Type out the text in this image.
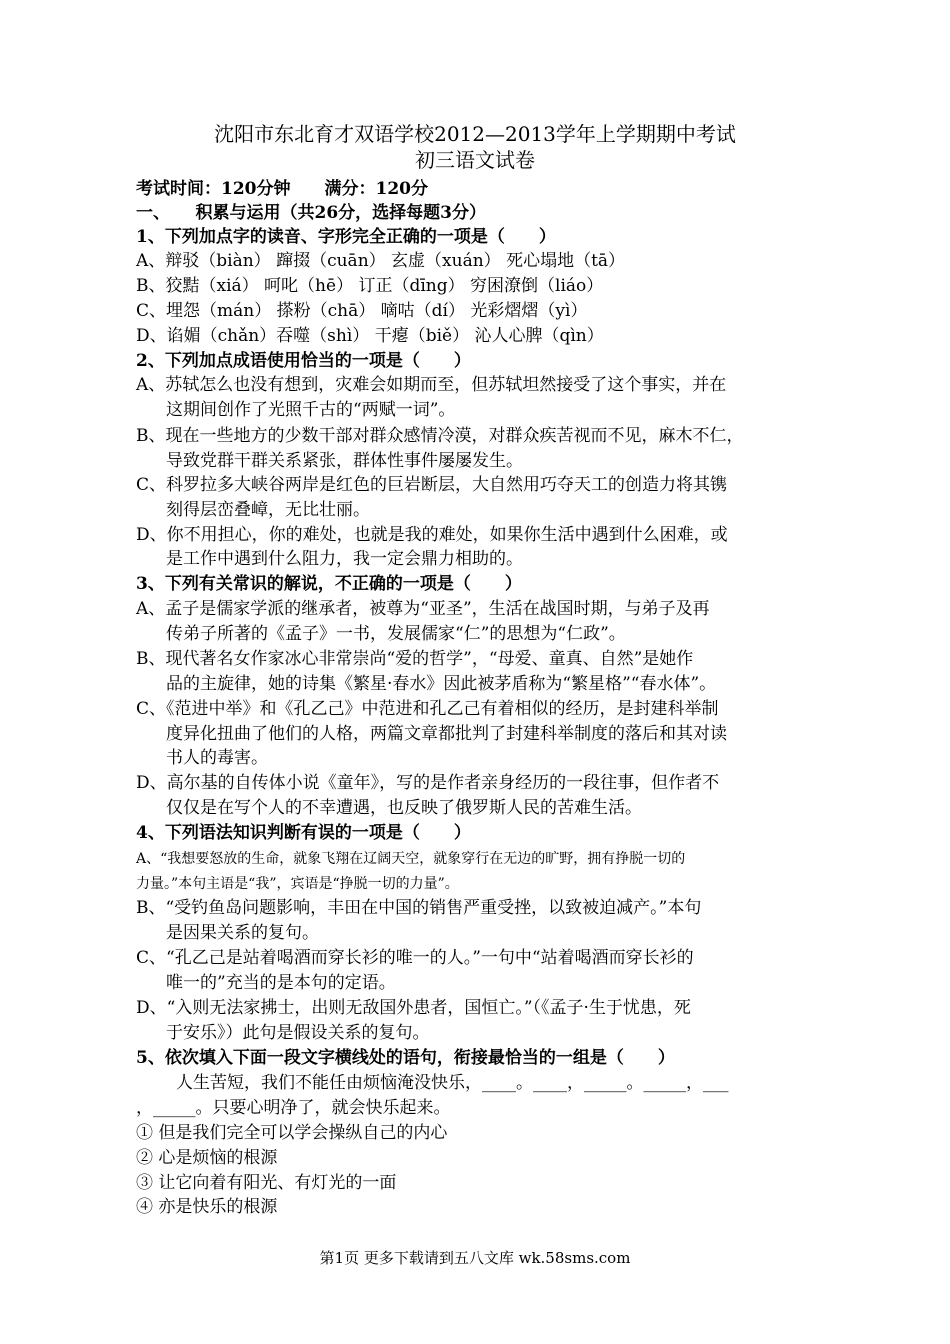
沈阳市东北育才双语学校2012—2013学年上学期期中考试
初三语文试卷
考试时间：120分钟　　满分：120分
一、　　积累与运用（共26分，选择每题3分）
1、下列加点字的读音、字形完全正确的一项是（　　）
A、辩驳（biàn） 蹿掇（cuān） 玄虚（xuán） 死心塌地（tā）
B、狡黠（xiá） 呵叱（hē） 订正（dīng） 穷困潦倒（liáo）
C、埋怨（mán） 搽粉（chā） 嘀咕（dí） 光彩熠熠（yì）
D、谄媚（chǎn）吞噬（shì） 干瘪（biě） 沁人心脾（qìn）
2、下列加点成语使用恰当的一项是（　　）
A、苏轼怎么也没有想到，灾难会如期而至，但苏轼坦然接受了这个事实，并在
这期间创作了光照千古的“两赋一词”。
B、现在一些地方的少数干部对群众感情冷漠，对群众疾苦视而不见，麻木不仁，
导致党群干群关系紧张，群体性事件屡屡发生。
C、科罗拉多大峡谷两岸是红色的巨岩断层，大自然用巧夺天工的创造力将其镌
刻得层峦叠嶂，无比壮丽。
D、你不用担心，你的难处，也就是我的难处，如果你生活中遇到什么困难，或
是工作中遇到什么阻力，我一定会鼎力相助的。
3、下列有关常识的解说，不正确的一项是（　　）
A、孟子是儒家学派的继承者，被尊为“亚圣”，生活在战国时期，与弟子及再
传弟子所著的《孟子》一书，发展儒家“仁”的思想为“仁政”。
B、现代著名女作家冰心非常崇尚“爱的哲学”，“母爱、童真、自然”是她作
品的主旋律，她的诗集《繁星·春水》因此被茅盾称为“繁星格”“春水体”。
C、《范进中举》和《孔乙己》中范进和孔乙己有着相似的经历，是封建科举制
度异化扭曲了他们的人格，两篇文章都批判了封建科举制度的落后和其对读
书人的毒害。
D、高尔基的自传体小说《童年》，写的是作者亲身经历的一段往事，但作者不
仅仅是在写个人的不幸遭遇，也反映了俄罗斯人民的苦难生活。
4、下列语法知识判断有误的一项是（　　）
A、“我想要怒放的生命，就象飞翔在辽阔天空，就象穿行在无边的旷野，拥有挣脱一切的
力量。”本句主语是“我”，宾语是“挣脱一切的力量”。
B、“受钓鱼岛问题影响，丰田在中国的销售严重受挫，以致被迫减产。”本句
是因果关系的复句。
C、“孔乙己是站着喝酒而穿长衫的唯一的人。”一句中“站着喝酒而穿长衫的
唯一的”充当的是本句的定语。
D、“入则无法家拂士，出则无敌国外患者，国恒亡。”（《孟子·生于忧患，死
于安乐》）此句是假设关系的复句。
5、依次填入下面一段文字横线处的语句，衔接最恰当的一组是（　　）
人生苦短，我们不能任由烦恼淹没快乐，____。____，_____。_____，___
，_____。只要心明净了，就会快乐起来。
① 但是我们完全可以学会操纵自己的内心
② 心是烦恼的根源
③ 让它向着有阳光、有灯光的一面
④ 亦是快乐的根源
第1页 更多下载请到五八文库 wk.58sms.com
